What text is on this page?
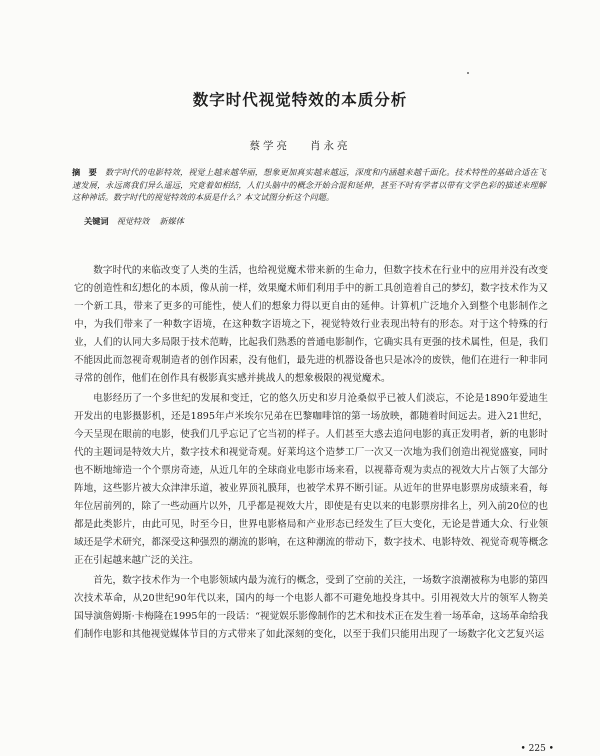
数字时代视觉特效的本质分析
蔡学亮 肖永亮
摘　要 数字时代的电影特效，视觉上越来越华丽，想象更加真实越来越远，深度和内涵越来越千面化。技术特性的基础合适在飞速发展，永远离我们异么遥远，究竟着如相结，人们头脑中的概念开始合混和延伸，甚至不时有学者以带有文学色彩的描述来理解这种神话。数字时代的视觉特效的本质是什么？本文试图分析这个问题。
关键词 视觉特效 新媒体

数字时代的来临改变了人类的生活，也给视觉魔术带来新的生命力，但数字技术在行业中的应用并没有改变它的创造性和幻想化的本质，像从前一样，效果魔术师们利用手中的新工具创造着自己的梦幻，数字技术作为又一个新工具，带来了更多的可能性，使人们的想象力得以更自由的延伸。计算机广泛地介入到整个电影制作之中，为我们带来了一种数字语境，在这种数字语境之下，视觉特效行业表现出特有的形态。对于这个特殊的行业，人们的认同大多局限于技术范畴，比起我们熟悉的普通电影制作，它确实具有更强的技术属性，但是，我们不能因此而忽视奇观制造者的创作因素，没有他们，最先进的机器设备也只是冰冷的废铁，他们在进行一种非同寻常的创作，他们在创作具有极影真实感并挑战人的想象极限的视觉魔术。

电影经历了一个多世纪的发展和变迁，它的悠久历史和岁月沧桑似乎已被人们淡忘，不论是1890年爱迪生开发出的电影摄影机，还是1895年卢米埃尔兄弟在巴黎咖啡馆的第一场放映，都随着时间远去。进入21世纪，今天呈现在眼前的电影，使我们几乎忘记了它当初的样子。人们甚至大惑去追问电影的真正发明者，新的电影时代的主题词是特效大片，数字技术和视觉奇观。好莱坞这个造梦工厂一次又一次地为我们创造出视觉盛宴，同时也不断地缔造一个个票房奇迹，从近几年的全球商业电影市场来看，以视幕奇观为卖点的视效大片占领了大部分阵地，这些影片被大众津津乐道，被业界顶礼膜拜，也被学术界不断引证。从近年的世界电影票房成绩来看，每年位居前列的，除了一些动画片以外，几乎都是视效大片，即使是有史以来的电影票房排名上，列入前20位的也都是此类影片，由此可见，时至今日，世界电影格局和产业形态已经发生了巨大变化，无论是普通大众、行业领域还是学术研究，都深受这种强烈的潮流的影响，在这种潮流的带动下，数字技术、电影特效、视觉奇观等概念正在引起越来越广泛的关注。

首先，数字技术作为一个电影领域内最为流行的概念，受到了空前的关注，一场数字浪潮被称为电影的第四次技术革命，从20世纪90年代以来，国内的每一个电影人都不可避免地投身其中。引用视效大片的领军人物美国导演詹姆斯·卡梅隆在1995年的一段话：“视觉娱乐影像制作的艺术和技术正在发生着一场革命，这场革命给我们制作电影和其他视觉媒体节目的方式带来了如此深刻的变化，以至于我们只能用出现了一场数字化文艺复兴运

• 225 •
